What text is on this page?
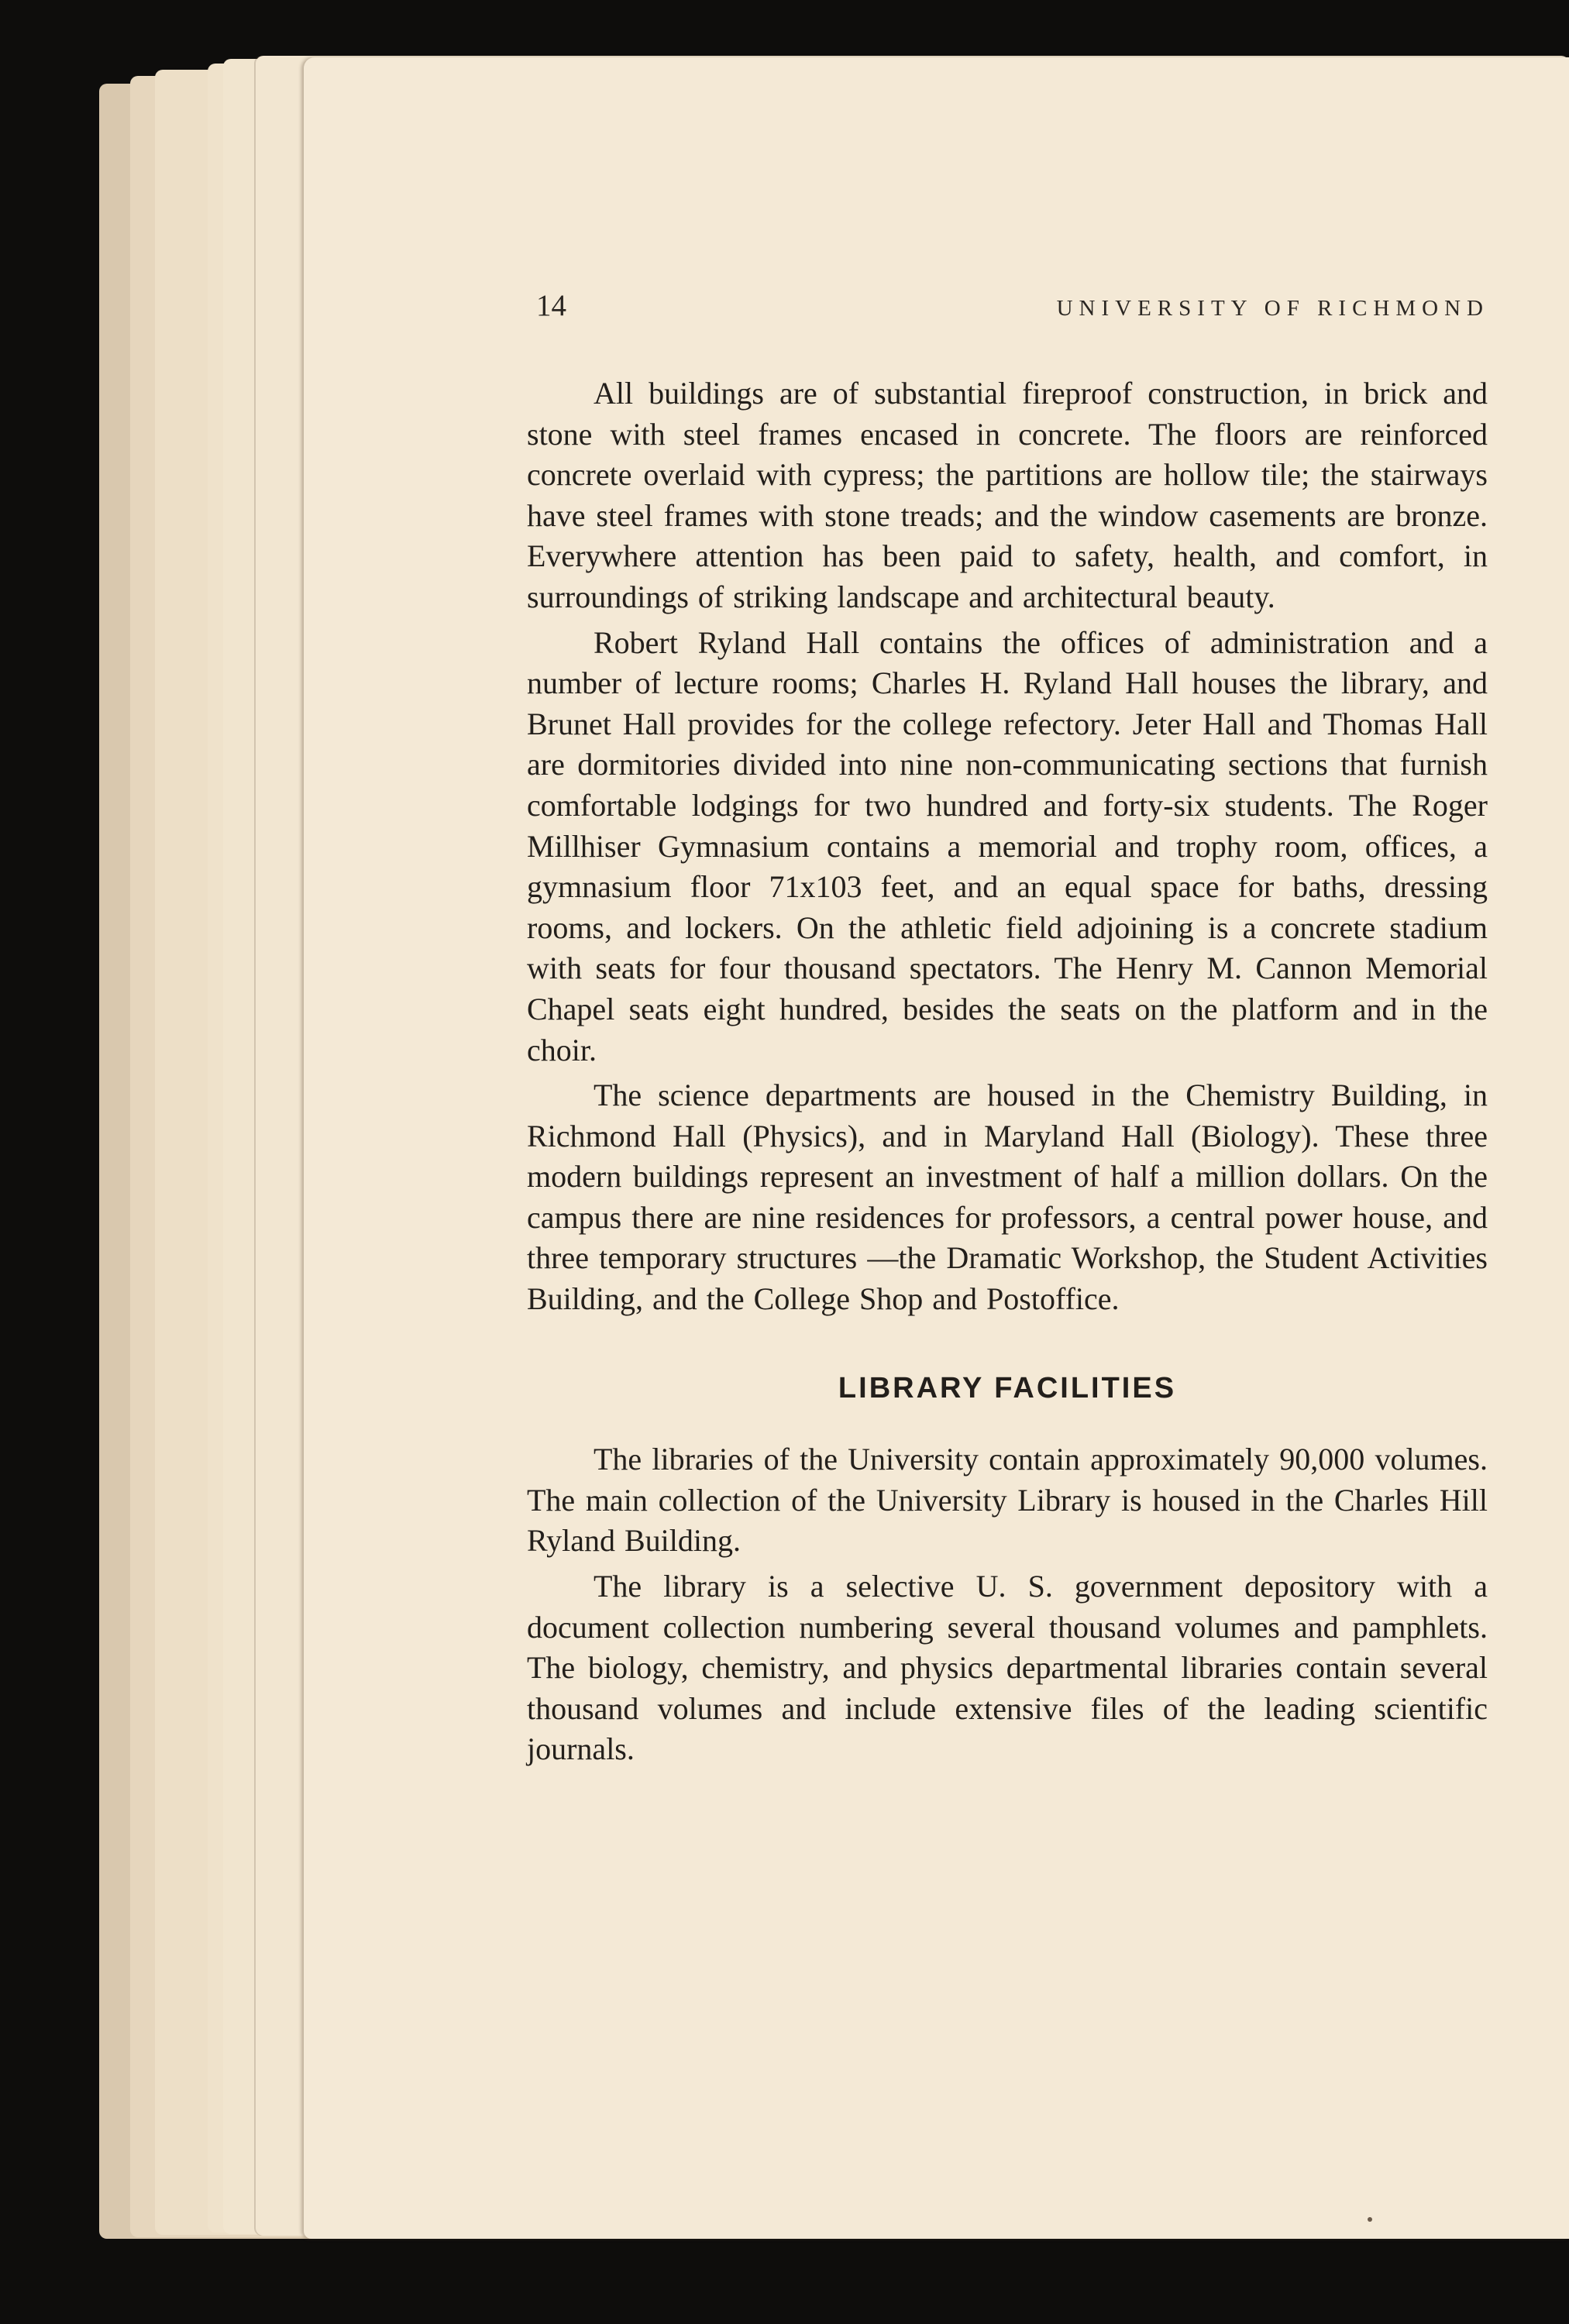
14	UNIVERSITY OF RICHMOND

All buildings are of substantial fireproof construction, in brick and stone with steel frames encased in concrete. The floors are reinforced concrete overlaid with cypress; the partitions are hollow tile; the stairways have steel frames with stone treads; and the window casements are bronze. Everywhere attention has been paid to safety, health, and comfort, in surroundings of striking landscape and architectural beauty.

Robert Ryland Hall contains the offices of administration and a number of lecture rooms; Charles H. Ryland Hall houses the library, and Brunet Hall provides for the college refectory. Jeter Hall and Thomas Hall are dormitories divided into nine non-communicating sections that furnish comfortable lodgings for two hundred and forty-six students. The Roger Millhiser Gymnasium contains a memorial and trophy room, offices, a gymnasium floor 71x103 feet, and an equal space for baths, dressing rooms, and lockers. On the athletic field adjoining is a concrete stadium with seats for four thousand spectators. The Henry M. Cannon Memorial Chapel seats eight hundred, besides the seats on the platform and in the choir.

The science departments are housed in the Chemistry Building, in Richmond Hall (Physics), and in Maryland Hall (Biology). These three modern buildings represent an investment of half a million dollars. On the campus there are nine residences for professors, a central power house, and three temporary structures —the Dramatic Workshop, the Student Activities Building, and the College Shop and Postoffice.

LIBRARY FACILITIES

The libraries of the University contain approximately 90,000 volumes. The main collection of the University Library is housed in the Charles Hill Ryland Building.

The library is a selective U. S. government depository with a document collection numbering several thousand volumes and pamphlets. The biology, chemistry, and physics departmental libraries contain several thousand volumes and include extensive files of the leading scientific journals.
